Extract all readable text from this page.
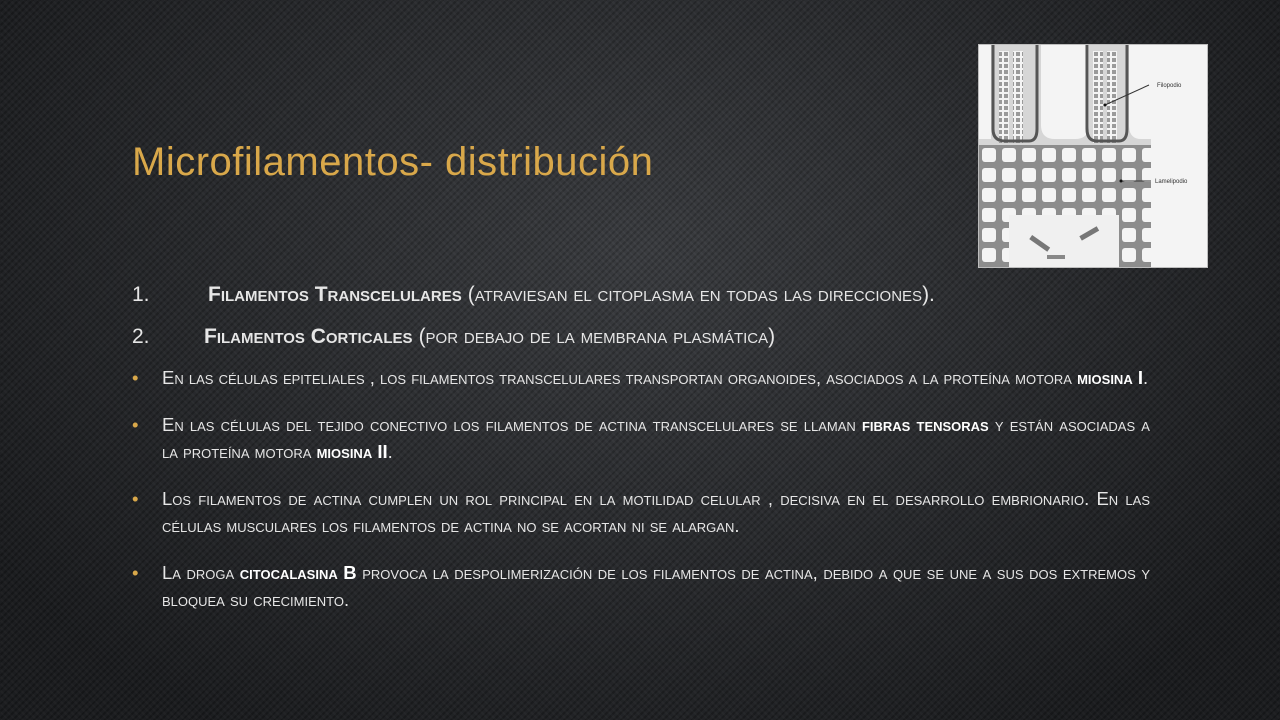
Microfilamentos- distribución
Filopodio
Lamelipodio
1.	Filamentos Transcelulares (atraviesan el citoplasma en todas las direcciones).
2.	Filamentos Corticales (por debajo de la membrana plasmática)
• En las células epiteliales , los filamentos transcelulares transportan organoides, asociados a la proteína motora miosina I.
• En las células del tejido conectivo los filamentos de actina transcelulares se llaman fibras tensoras y están asociadas a la proteína motora miosina II.
• Los filamentos de actina cumplen un rol principal en la motilidad celular , decisiva en el desarrollo embrionario. En las células musculares los filamentos de actina no se acortan ni se alargan.
• La droga citocalasina B provoca la despolimerización de los filamentos de actina, debido a que se une a sus dos extremos y bloquea su crecimiento.
